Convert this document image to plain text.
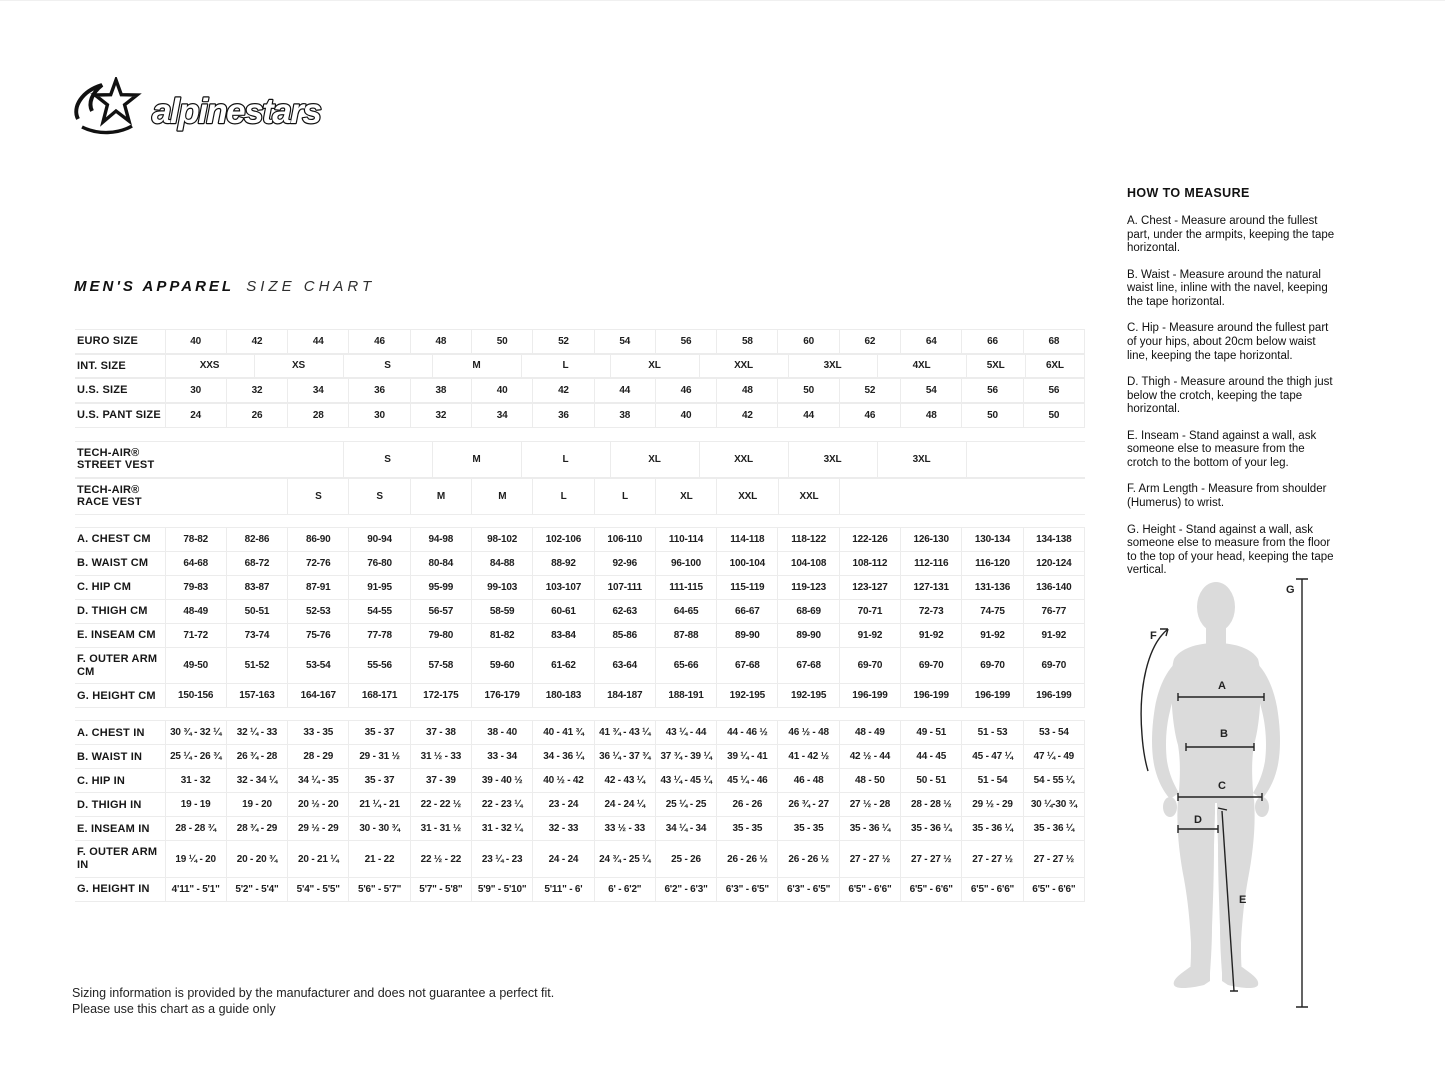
alpinestars
MEN'S APPAREL SIZE CHART
EURO SIZE	40	42	44	46	48	50	52	54	56	58	60	62	64	66	68
INT. SIZE	XXS	XS	S	M	L	XL	XXL	3XL	4XL	5XL	6XL
U.S. SIZE	30	32	34	36	38	40	42	44	46	48	50	52	54	56	56
U.S. PANT SIZE	24	26	28	30	32	34	36	38	40	42	44	46	48	50	50
TECH-AIR® STREET VEST			S	M	L	XL	XXL	3XL	3XL		
TECH-AIR® RACE VEST			S	S	M	M	L	L	XL	XXL	XXL				
A. CHEST CM	78-82	82-86	86-90	90-94	94-98	98-102	102-106	106-110	110-114	114-118	118-122	122-126	126-130	130-134	134-138
B. WAIST CM	64-68	68-72	72-76	76-80	80-84	84-88	88-92	92-96	96-100	100-104	104-108	108-112	112-116	116-120	120-124
C. HIP CM	79-83	83-87	87-91	91-95	95-99	99-103	103-107	107-111	111-115	115-119	119-123	123-127	127-131	131-136	136-140
D. THIGH CM	48-49	50-51	52-53	54-55	56-57	58-59	60-61	62-63	64-65	66-67	68-69	70-71	72-73	74-75	76-77
E. INSEAM CM	71-72	73-74	75-76	77-78	79-80	81-82	83-84	85-86	87-88	89-90	89-90	91-92	91-92	91-92	91-92
F. OUTER ARM CM	49-50	51-52	53-54	55-56	57-58	59-60	61-62	63-64	65-66	67-68	67-68	69-70	69-70	69-70	69-70
G. HEIGHT CM	150-156	157-163	164-167	168-171	172-175	176-179	180-183	184-187	188-191	192-195	192-195	196-199	196-199	196-199	196-199
A. CHEST IN	30 ¾ - 32 ¼	32 ¼ - 33	33 - 35	35 - 37	37 - 38	38 - 40	40 - 41 ¾	41 ¾ - 43 ¼	43 ¼ - 44	44 - 46 ½	46 ½ - 48	48 - 49	49 - 51	51 - 53	53 - 54
B. WAIST IN	25 ¼ - 26 ¾	26 ¾ - 28	28 - 29	29 - 31 ½	31 ½ - 33	33 - 34	34 - 36 ¼	36 ¼ - 37 ¾	37 ¾ - 39 ¼	39 ¼ - 41	41 - 42 ½	42 ½ - 44	44 - 45	45 - 47 ¼	47 ¼ - 49
C. HIP IN	31 - 32	32 - 34 ¼	34 ¼ - 35	35 - 37	37 - 39	39 - 40 ½	40 ½ - 42	42 - 43 ¼	43 ¼ - 45 ¼	45 ¼ - 46	46 - 48	48 - 50	50 - 51	51 - 54	54 - 55 ¼
D. THIGH IN	19 - 19	19 - 20	20 ½ - 20	21 ¼ - 21	22 - 22 ½	22 - 23 ¼	23 - 24	24 - 24 ¼	25 ¼ - 25	26 - 26	26 ¾ - 27	27 ½ - 28	28 - 28 ½	29 ½ - 29	30 ¼-30 ¾
E. INSEAM IN	28 - 28 ¾	28 ¾ - 29	29 ½ - 29	30 - 30 ¾	31 - 31 ½	31 - 32 ¼	32 - 33	33 ½ - 33	34 ¼ - 34	35 - 35	35 - 35	35 - 36 ¼	35 - 36 ¼	35 - 36 ¼	35 - 36 ¼
F. OUTER ARM IN	19 ¼ - 20	20 - 20 ¾	20 - 21 ¼	21 - 22	22 ½ - 22	23 ¼ - 23	24 - 24	24 ¾ - 25 ¼	25 - 26	26 - 26 ½	26 - 26 ½	27 - 27 ½	27 - 27 ½	27 - 27 ½	27 - 27 ½
G. HEIGHT IN	4'11" - 5'1"	5'2" - 5'4"	5'4" - 5'5"	5'6" - 5'7"	5'7" - 5'8"	5'9" - 5'10"	5'11" - 6'	6' - 6'2"	6'2" - 6'3"	6'3" - 6'5"	6'3" - 6'5"	6'5" - 6'6"	6'5" - 6'6"	6'5" - 6'6"	6'5" - 6'6"
HOW TO MEASURE

A. Chest - Measure around the fullest part, under the armpits, keeping the tape horizontal.

B. Waist - Measure around the natural waist line, inline with the navel, keeping the tape horizontal.

C. Hip - Measure around the fullest part of your hips, about 20cm below waist line, keeping the tape horizontal.

D. Thigh - Measure around the thigh just below the crotch, keeping the tape horizontal.

E. Inseam - Stand against a wall, ask someone else to measure from the crotch to the bottom of your leg.

F. Arm Length - Measure from shoulder (Humerus) to wrist.

G. Height - Stand against a wall, ask someone else to measure from the floor to the top of your head, keeping the tape vertical.

A
B
C
D
E
F
G
Sizing information is provided by the manufacturer and does not guarantee a perfect fit.
Please use this chart as a guide only
